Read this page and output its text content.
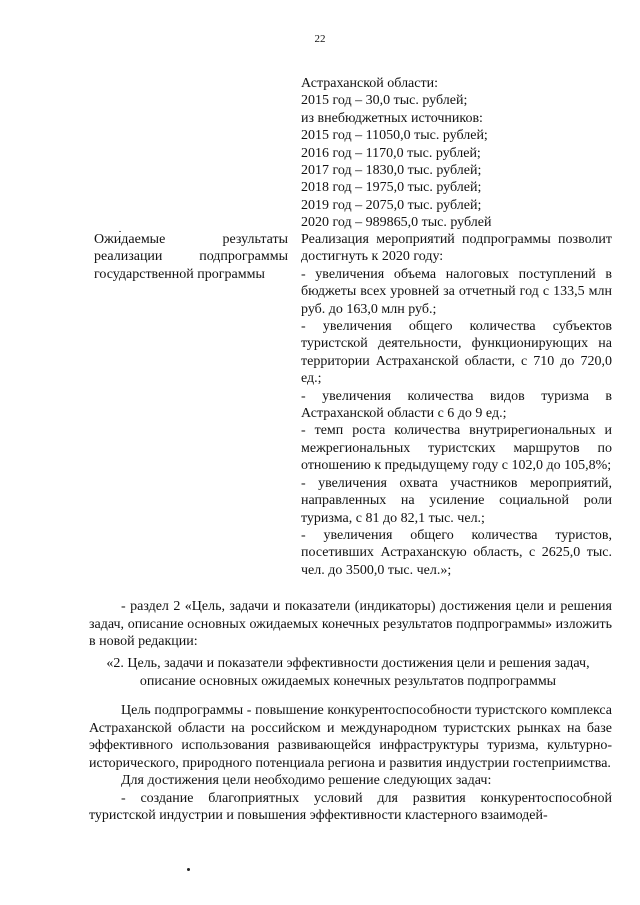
22
Астраханской области:
2015 год – 30,0 тыс. рублей;
из внебюджетных источников:
2015 год – 11050,0 тыс. рублей;
2016 год – 1170,0 тыс. рублей;
2017 год – 1830,0 тыс. рублей;
2018 год – 1975,0 тыс. рублей;
2019 год – 2075,0 тыс. рублей;
2020 год – 989865,0 тыс. рублей
Ожидаемые результаты реализации подпрограммы государственной программы

Реализация мероприятий подпрограммы позволит достигнуть к 2020 году:

- увеличения объема налоговых поступлений в бюджеты всех уровней за отчетный год с 133,5 млн руб. до 163,0 млн руб.;

- увеличения общего количества субъектов туристской деятельности, функционирующих на территории Астраханской области, с 710 до 720,0 ед.;

- увеличения количества видов туризма в Астраханской области с 6 до 9 ед.;

- темп роста количества внутрирегиональных и межрегиональных туристских маршрутов по отношению к предыдущему году с 102,0 до 105,8%;

- увеличения охвата участников мероприятий, направленных на усиление социальной роли туризма, с 81 до 82,1 тыс. чел.;

- увеличения общего количества туристов, посетивших Астраханскую область, с 2625,0 тыс. чел. до 3500,0 тыс. чел.»;

- раздел 2 «Цель, задачи и показатели (индикаторы) достижения цели и решения задач, описание основных ожидаемых конечных результатов подпрограммы» изложить в новой редакции:

«2. Цель, задачи и показатели эффективности достижения цели и решения задач, описание основных ожидаемых конечных результатов подпрограммы

Цель подпрограммы - повышение конкурентоспособности туристского комплекса Астраханской области на российском и международном туристских рынках на базе эффективного использования развивающейся инфраструктуры туризма, культурно-исторического, природного потенциала региона и развития индустрии гостеприимства.

Для достижения цели необходимо решение следующих задач:

- создание благоприятных условий для развития конкурентоспособной туристской индустрии и повышения эффективности кластерного взаимодей-
